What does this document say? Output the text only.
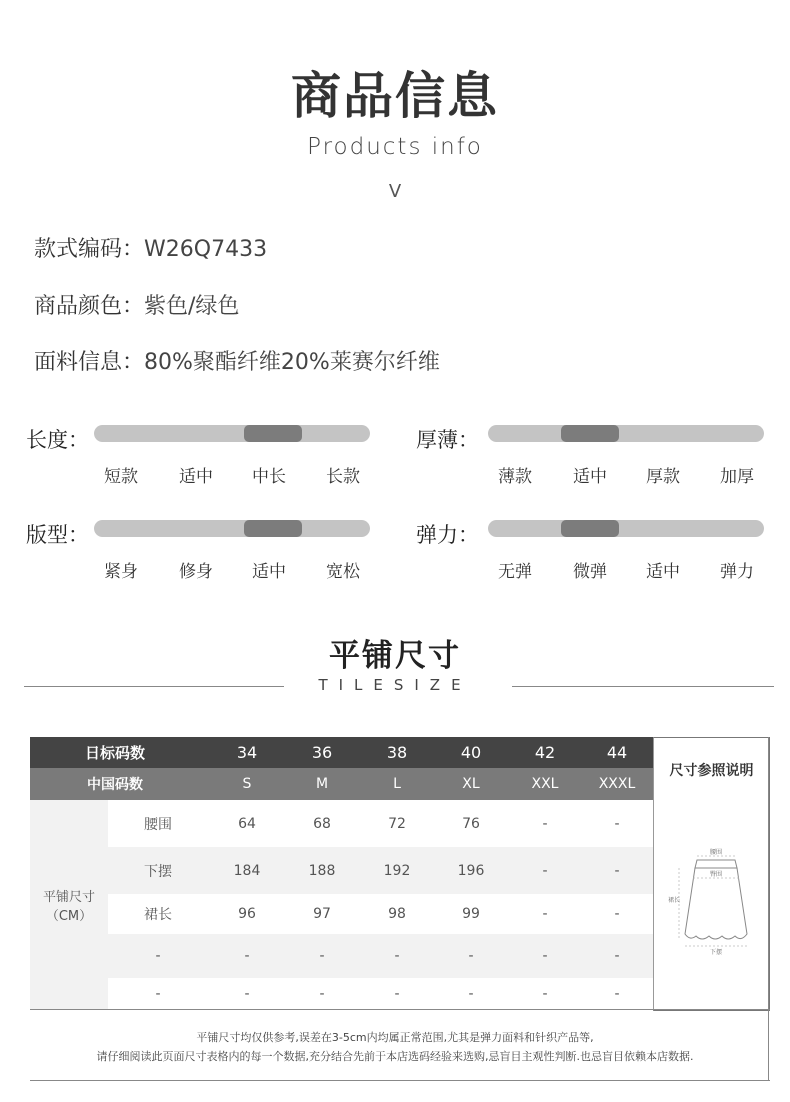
商品信息
Products info
V
款式编码：W26Q7433
商品颜色：紫色/绿色
面料信息：80%聚酯纤维20%莱赛尔纤维
长度：
短款	适中	中长	长款
厚薄：
薄款	适中	厚款	加厚
版型：
紧身	修身	适中	宽松
弹力：
无弹	微弹	适中	弹力
平铺尺寸
TILESIZE
日标码数	34	36	38	40	42	44
中国码数	S	M	L	XL	XXL	XXXL
平铺尺寸
（CM）
腰围	64	68	72	76	-	-
下摆	184	188	192	196	-	-
裙长	96	97	98	99	-	-
-	-	-	-	-	-	-
-	-	-	-	-	-	-
尺寸参照说明
腰围
臀围
裙长
下摆
平铺尺寸均仅供参考,误差在3-5cm内均属正常范围,尤其是弹力面料和针织产品等,
请仔细阅读此页面尺寸表格内的每一个数据,充分结合先前于本店选码经验来选购,忌盲目主观性判断.也忌盲目依赖本店数据.
